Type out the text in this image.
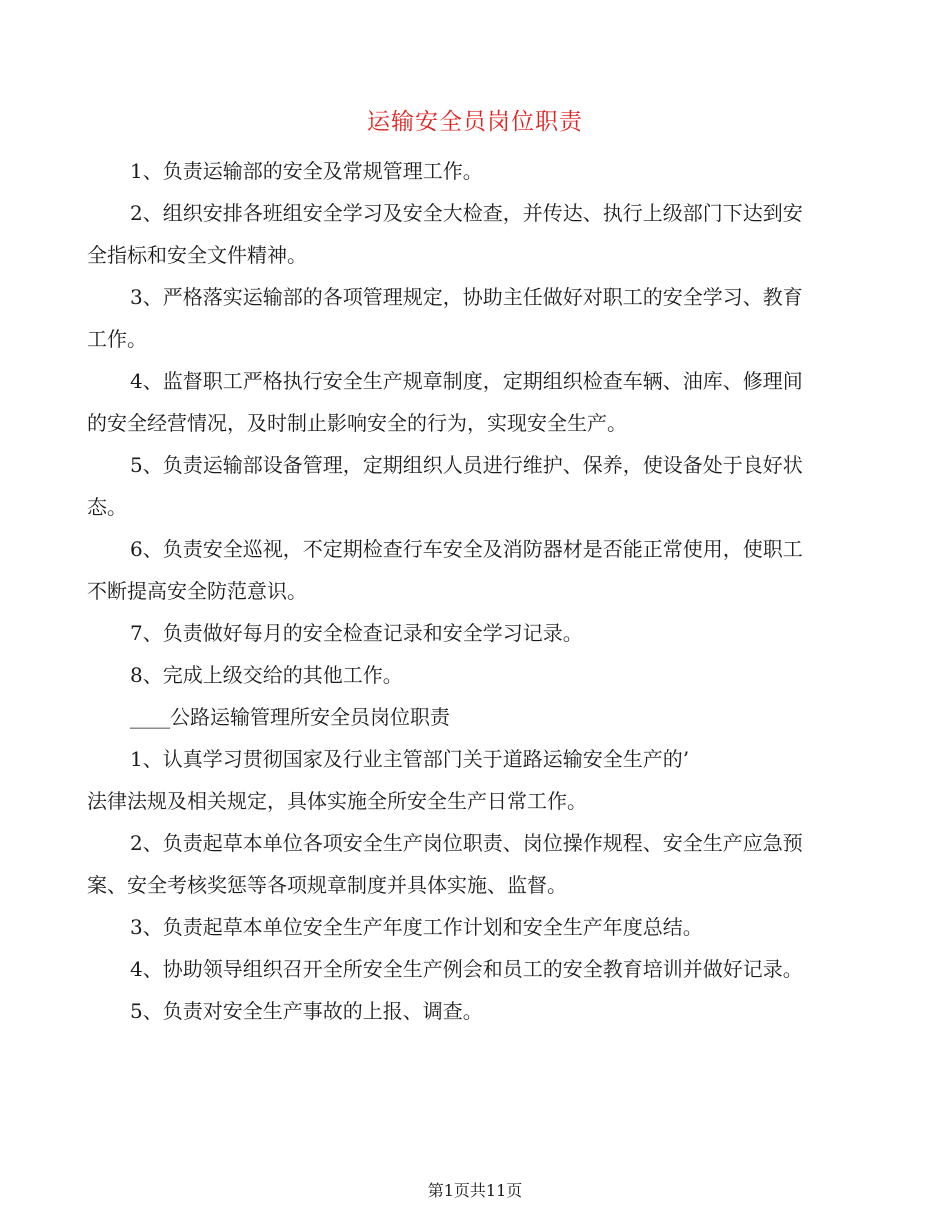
运输安全员岗位职责
1、负责运输部的安全及常规管理工作。
2、组织安排各班组安全学习及安全大检查，并传达、执行上级部门下达到安
全指标和安全文件精神。
3、严格落实运输部的各项管理规定，协助主任做好对职工的安全学习、教育
工作。
4、监督职工严格执行安全生产规章制度，定期组织检查车辆、油库、修理间
的安全经营情况，及时制止影响安全的行为，实现安全生产。
5、负责运输部设备管理，定期组织人员进行维护、保养，使设备处于良好状
态。
6、负责安全巡视，不定期检查行车安全及消防器材是否能正常使用，使职工
不断提高安全防范意识。
7、负责做好每月的安全检查记录和安全学习记录。
8、完成上级交给的其他工作。
____公路运输管理所安全员岗位职责
1、认真学习贯彻国家及行业主管部门关于道路运输安全生产的’
法律法规及相关规定，具体实施全所安全生产日常工作。
2、负责起草本单位各项安全生产岗位职责、岗位操作规程、安全生产应急预
案、安全考核奖惩等各项规章制度并具体实施、监督。
3、负责起草本单位安全生产年度工作计划和安全生产年度总结。
4、协助领导组织召开全所安全生产例会和员工的安全教育培训并做好记录。
5、负责对安全生产事故的上报、调查。
第1页共11页
